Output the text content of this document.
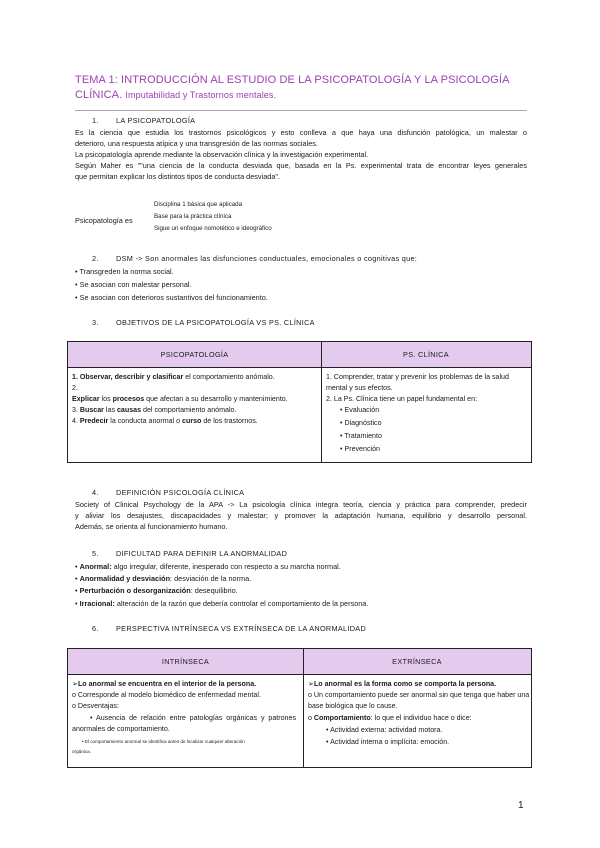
TEMA 1: INTRODUCCIÓN AL ESTUDIO DE LA PSICOPATOLOGÍA Y LA PSICOLOGÍA CLÍNICA. Imputabilidad y Trastornos mentales.
1. LA PSICOPATOLOGÍA
Es la ciencia que estudia los trastornos psicológicos y esto conlleva a que haya una disfunción patológica, un malestar o
deterioro, una respuesta atípica y una transgresión de las normas sociales.
La psicopatología aprende mediante la observación clínica y la investigación experimental.
Según Maher es ""una ciencia de la conducta desviada que, basada en la Ps. experimental trata de encontrar leyes generales
que permitan explicar los distintos tipos de conducta desviada".
Psicopatología es
Disciplina 1 básica que aplicada
Base para la práctica clínica
Sigue un enfoque nomotético e ideográfico
2. DSM -> Son anormales las disfunciones conductuales, emocionales o cognitivas que:
• Transgreden la norma social.
• Se asocian con malestar personal.
• Se asocian con deterioros sustantivos del funcionamiento.
3. OBJETIVOS DE LA PSICOPATOLOGÍA VS PS. CLÍNICA
PSICOPATOLOGÍA	PS. CLÍNICA
1. Observar, describir y clasificar el comportamiento anómalo.
2.
Explicar los procesos que afectan a su desarrollo y mantenimiento.
3. Buscar las causas del comportamiento anómalo.
4. Predecir la conducta anormal o curso de los trastornos.
1. Comprender, tratar y prevenir los problemas de la salud
mental y sus efectos.
2. La Ps. Clínica tiene un papel fundamental en:
• Evaluación
• Diagnóstico
• Tratamiento
• Prevención
4. DEFINICIÓN PSICOLOGÍA CLÍNICA
Society of Clinical Psychology de la APA -> La psicología clínica integra teoría, ciencia y práctica para comprender, predecir
y aliviar los desajustes, discapacidades y malestar; y promover la adaptación humana, equilibrio y desarrollo personal.
Además, se orienta al funcionamiento humano.
5. DIFICULTAD PARA DEFINIR LA ANORMALIDAD
• Anormal: algo irregular, diferente, inesperado con respecto a su marcha normal.
• Anormalidad y desviación: desviación de la norma.
• Perturbación o desorganización: desequilibrio.
• Irracional: alteración de la razón que debería controlar el comportamiento de la persona.
6. PERSPECTIVA INTRÍNSECA VS EXTRÍNSECA DE LA ANORMALIDAD
INTRÍNSECA	EXTRÍNSECA
➢Lo anormal se encuentra en el interior de la persona.
o Corresponde al modelo biomédico de enfermedad mental.
o Desventajas:
• Ausencia de relación entre patologías orgánicas y patrones
anormales de comportamiento.
• El comportamiento anormal se identifica antes de localizar cualquier alteración
orgánica.
➢Lo anormal es la forma como se comporta la persona.
o Un comportamiento puede ser anormal sin que tenga que haber una
base biológica que lo cause.
o Comportamiento: lo que el individuo hace o dice:
• Actividad externa: actividad motora.
• Actividad interna o implícita: emoción.
1
